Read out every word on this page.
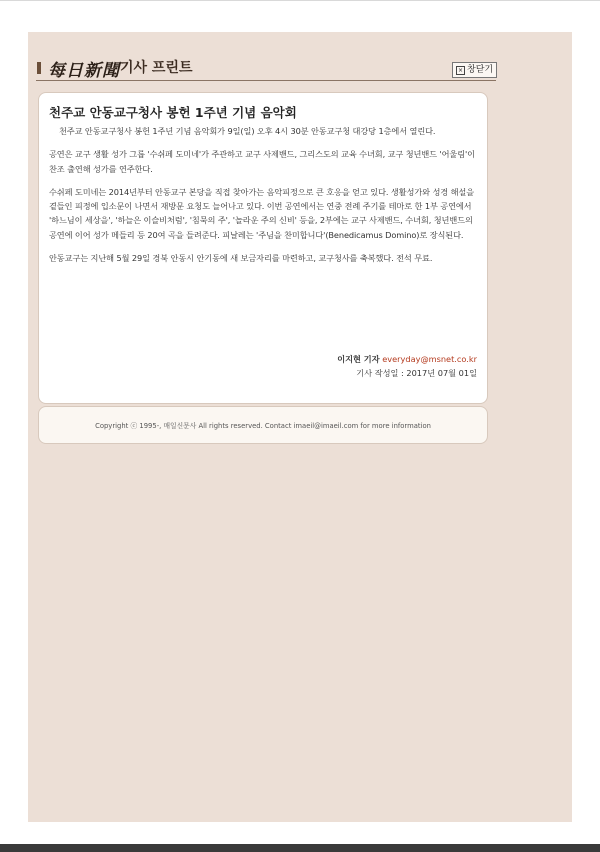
每日新聞 기사 프린트	× 창닫기
천주교 안동교구청사 봉헌 1주년 기념 음악회

천주교 안동교구청사 봉헌 1주년 기념 음악회가 9일(일) 오후 4시 30분 안동교구청 대강당 1층에서 열린다.

공연은 교구 생활 성가 그룹 '수쉬페 도미네'가 주관하고 교구 사제밴드, 그리스도의 교육 수녀회, 교구 청년밴드 '어울림'이 찬조 출연해 성가를 연주한다.

수쉬페 도미네는 2014년부터 안동교구 본당을 직접 찾아가는 음악피정으로 큰 호응을 얻고 있다. 생활성가와 성경 해설을 곁들인 피정에 입소문이 나면서 재방문 요청도 늘어나고 있다. 이번 공연에서는 연중 전례 주기를 테마로 한 1부 공연에서 '하느님이 세상을', '하늘은 이슬비처럼', '침묵의 주', '놀라운 주의 신비' 등을, 2부에는 교구 사제밴드, 수녀회, 청년밴드의 공연에 이어 성가 메들리 등 20여 곡을 들려준다. 피날레는 '주님을 찬미합니다'(Benedicamus Domino)로 장식된다.

안동교구는 지난해 5월 29일 경북 안동시 안기동에 새 보금자리를 마련하고, 교구청사를 축복했다. 전석 무료.

이지현 기자 everyday@msnet.co.kr
기사 작성일 : 2017년 07월 01일
Copyright ⓒ 1995-, 매일신문사 All rights reserved. Contact imaeil@imaeil.com for more information
